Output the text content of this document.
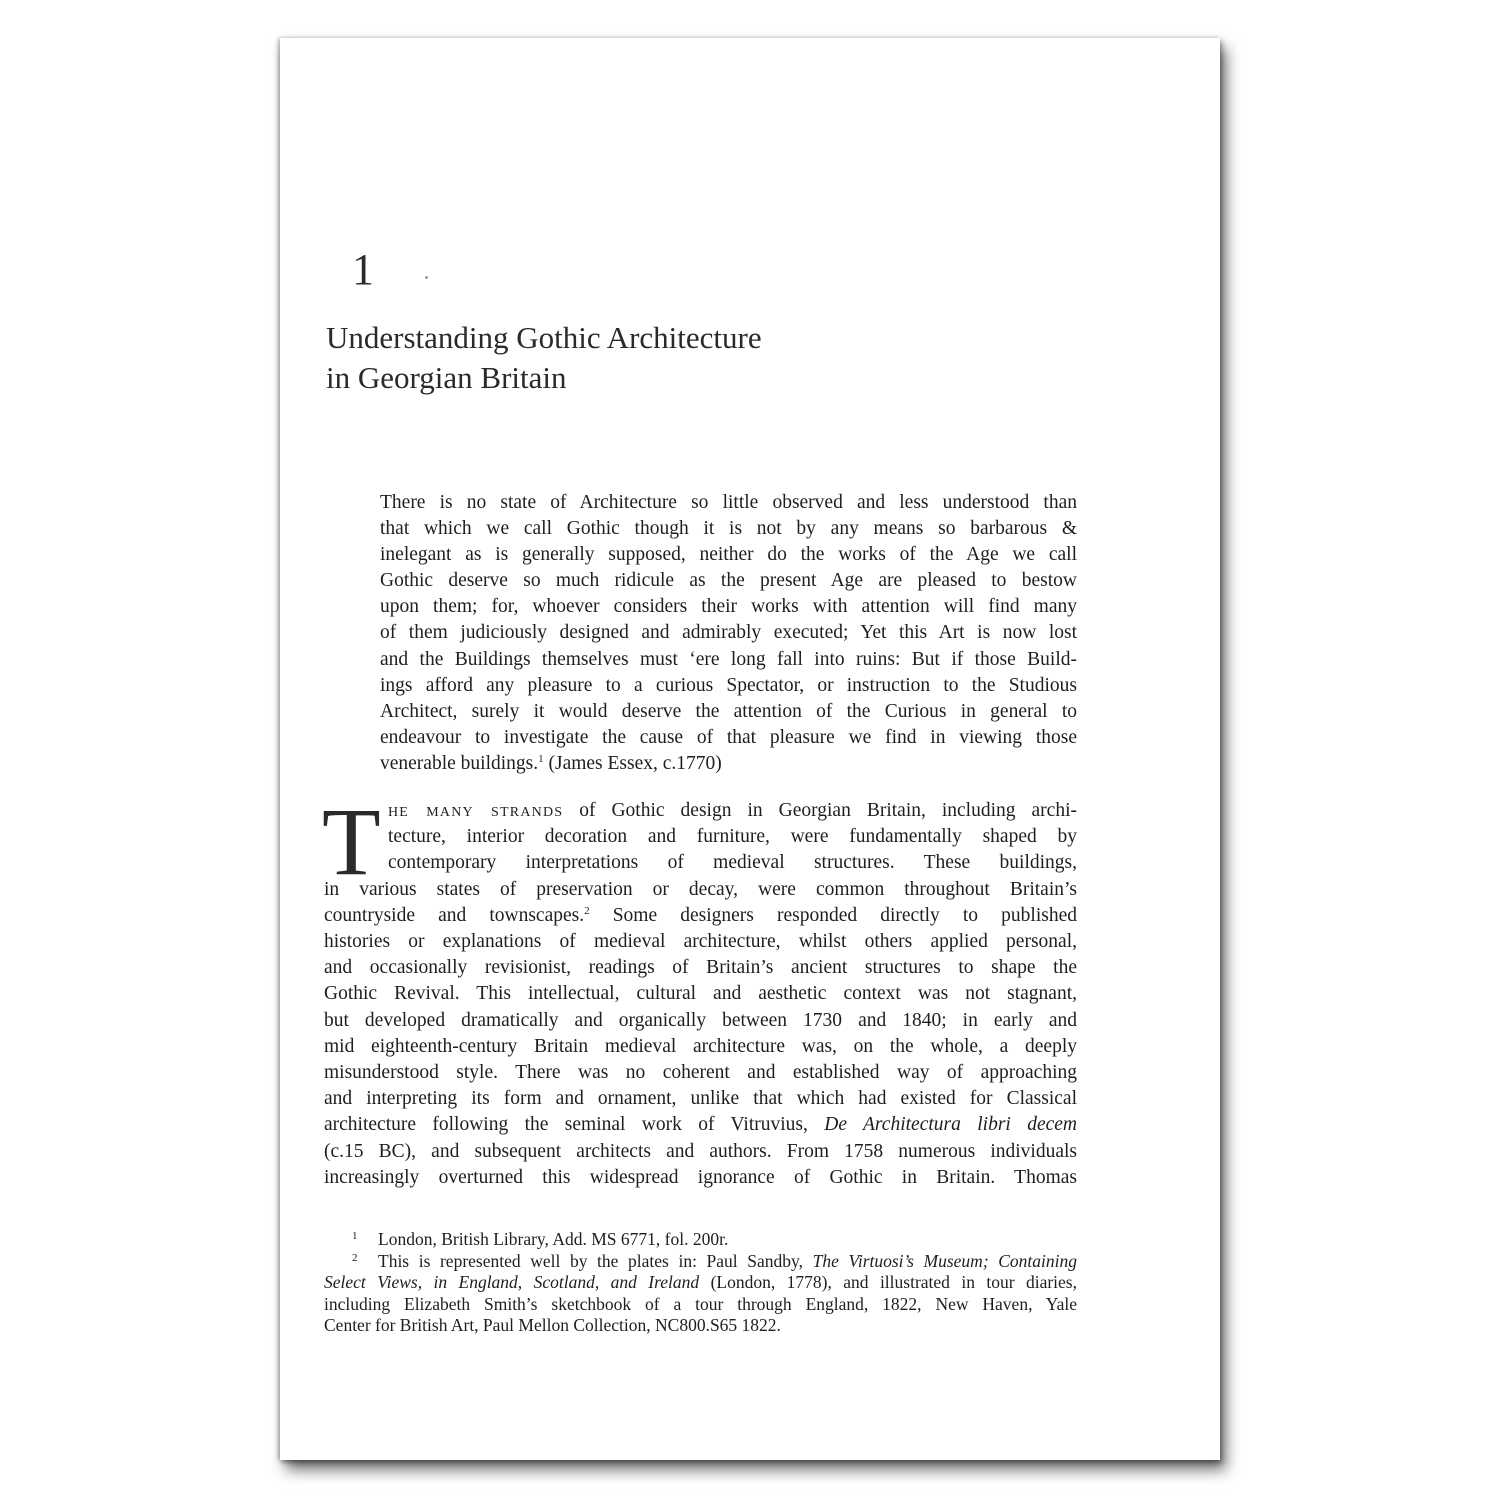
1
Understanding Gothic Architecture
in Georgian Britain
There is no state of Architecture so little observed and less understood than
that which we call Gothic though it is not by any means so barbarous &
inelegant as is generally supposed, neither do the works of the Age we call
Gothic deserve so much ridicule as the present Age are pleased to bestow
upon them; for, whoever considers their works with attention will find many
of them judiciously designed and admirably executed; Yet this Art is now lost
and the Buildings themselves must ‘ere long fall into ruins: But if those Build-
ings afford any pleasure to a curious Spectator, or instruction to the Studious
Architect, surely it would deserve the attention of the Curious in general to
endeavour to investigate the cause of that pleasure we find in viewing those
venerable buildings.$^1$ (James Essex, c.1770)
T he many strands of Gothic design in Georgian Britain, including archi-
tecture, interior decoration and furniture, were fundamentally shaped by
contemporary interpretations of medieval structures. These buildings,
in various states of preservation or decay, were common throughout Britain’s
countryside and townscapes.$^2$ Some designers responded directly to published
histories or explanations of medieval architecture, whilst others applied personal,
and occasionally revisionist, readings of Britain’s ancient structures to shape the
Gothic Revival. This intellectual, cultural and aesthetic context was not stagnant,
but developed dramatically and organically between 1730 and 1840; in early and
mid eighteenth-century Britain medieval architecture was, on the whole, a deeply
misunderstood style. There was no coherent and established way of approaching
and interpreting its form and ornament, unlike that which had existed for Classical
architecture following the seminal work of Vitruvius, De Architectura libri decem
(c.15 BC), and subsequent architects and authors. From 1758 numerous individuals
increasingly overturned this widespread ignorance of Gothic in Britain. Thomas
1 London, British Library, Add. MS 6771, fol. 200r.
2 This is represented well by the plates in: Paul Sandby, The Virtuosi’s Museum; Containing
Select Views, in England, Scotland, and Ireland (London, 1778), and illustrated in tour diaries,
including Elizabeth Smith’s sketchbook of a tour through England, 1822, New Haven, Yale
Center for British Art, Paul Mellon Collection, NC800.S65 1822.
